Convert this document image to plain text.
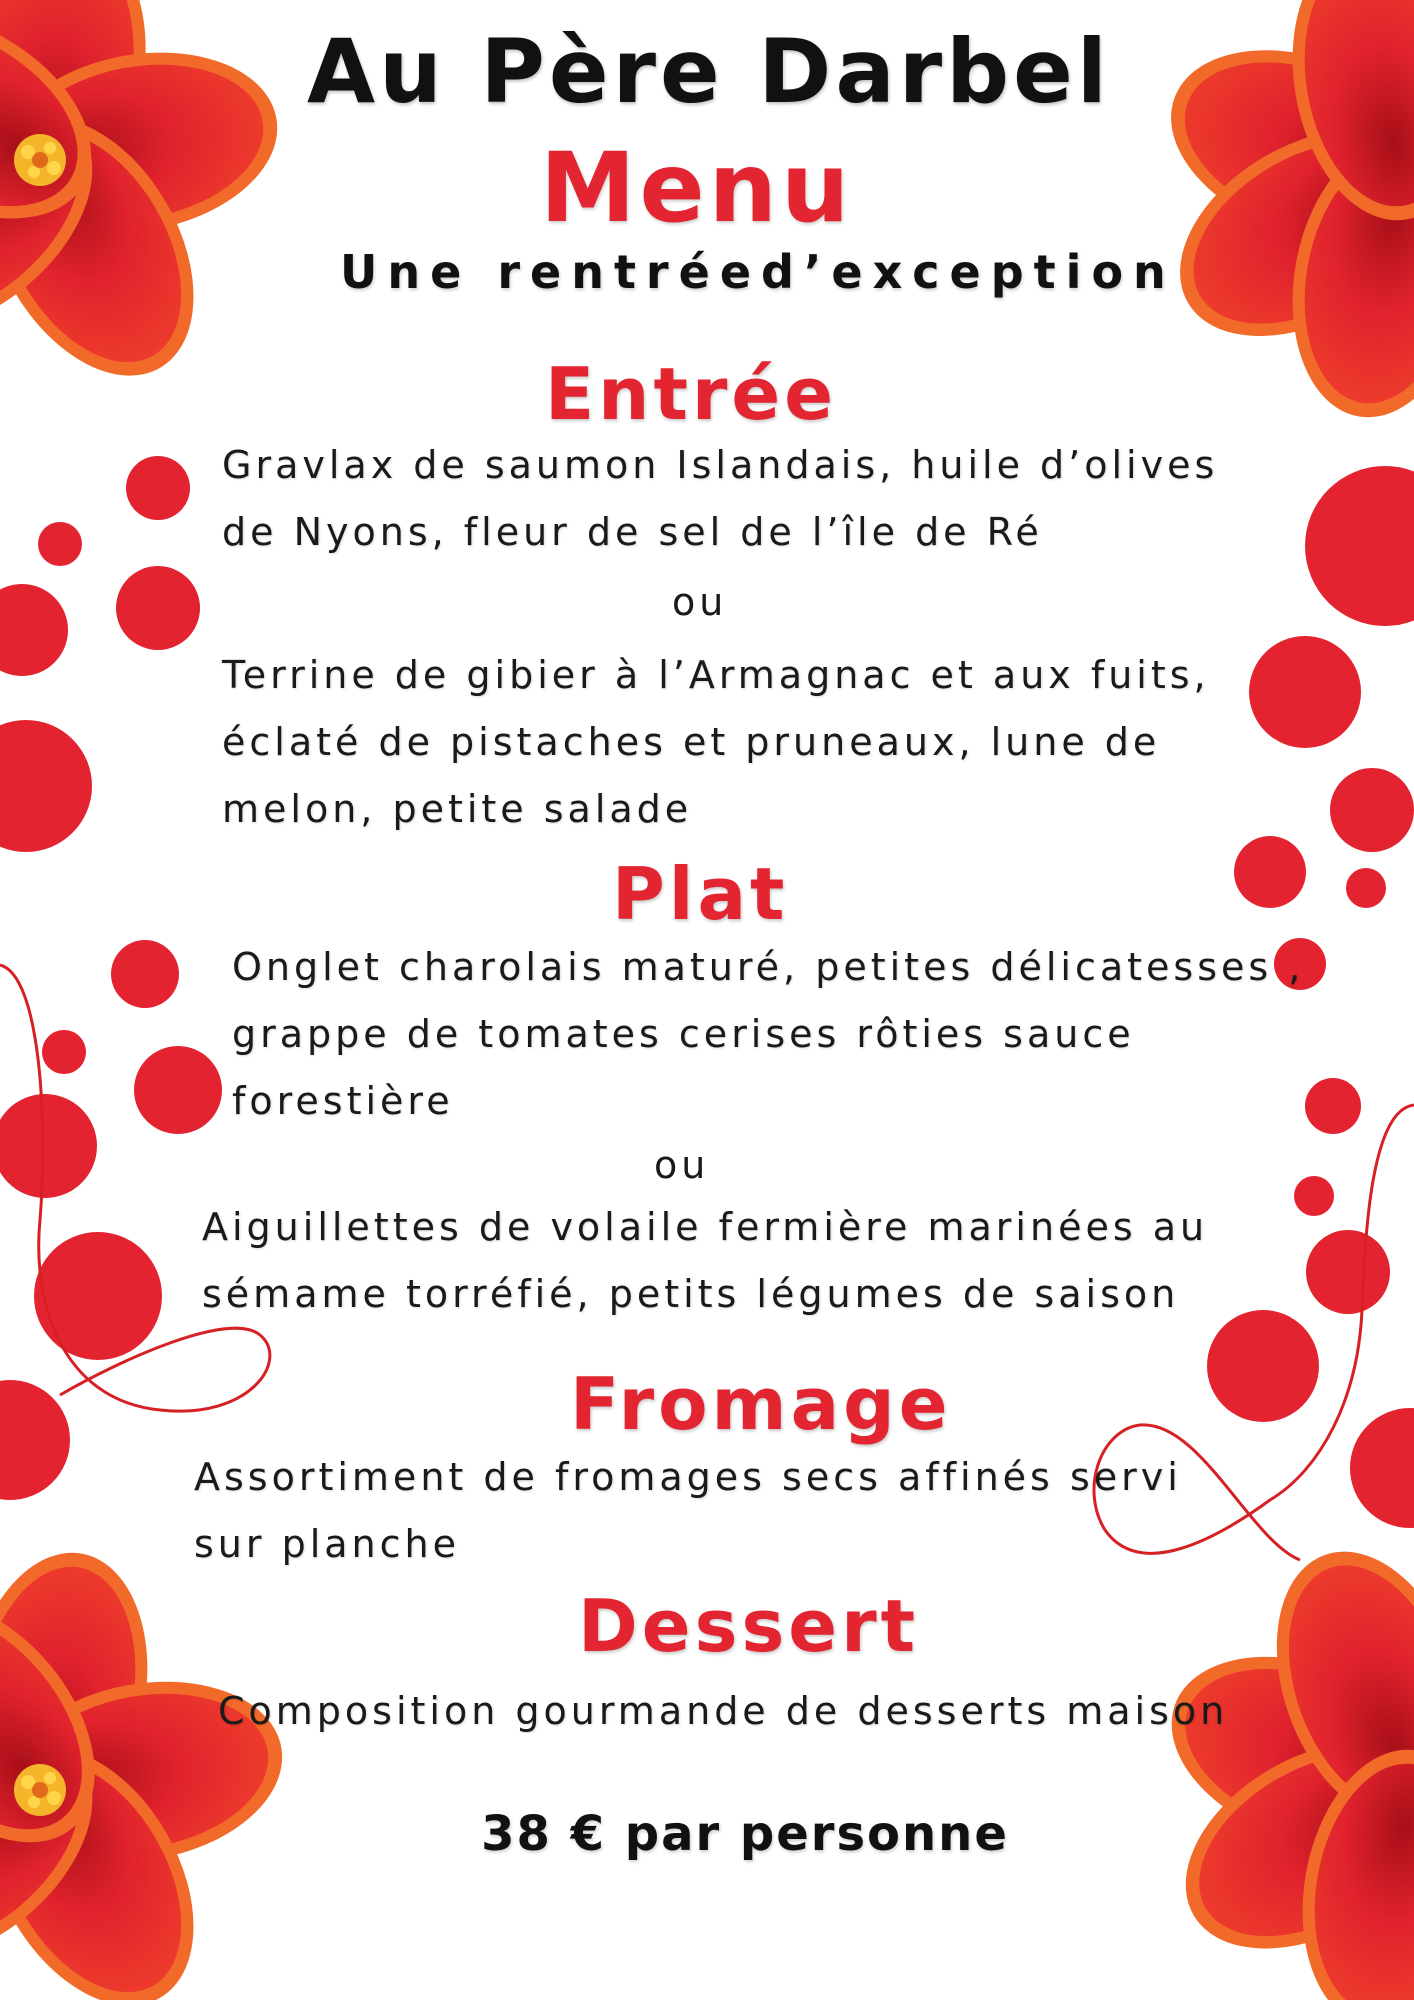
Au Père Darbel
Menu
Une rentréed’exception
Entrée

Gravlax de saumon Islandais, huile d’olives de Nyons, fleur de sel de l’île de Ré

ou

Terrine de gibier à l’Armagnac et aux fuits, éclaté de pistaches et pruneaux, lune de melon, petite salade

Plat

Onglet charolais maturé, petites délicatesses , grappe de tomates cerises rôties sauce forestière

ou

Aiguillettes de volaile fermière marinées au sémame torréfié, petits légumes de saison

Fromage

Assortiment de fromages secs affinés servi sur planche

Dessert

Composition gourmande de desserts maison

38 € par personne
